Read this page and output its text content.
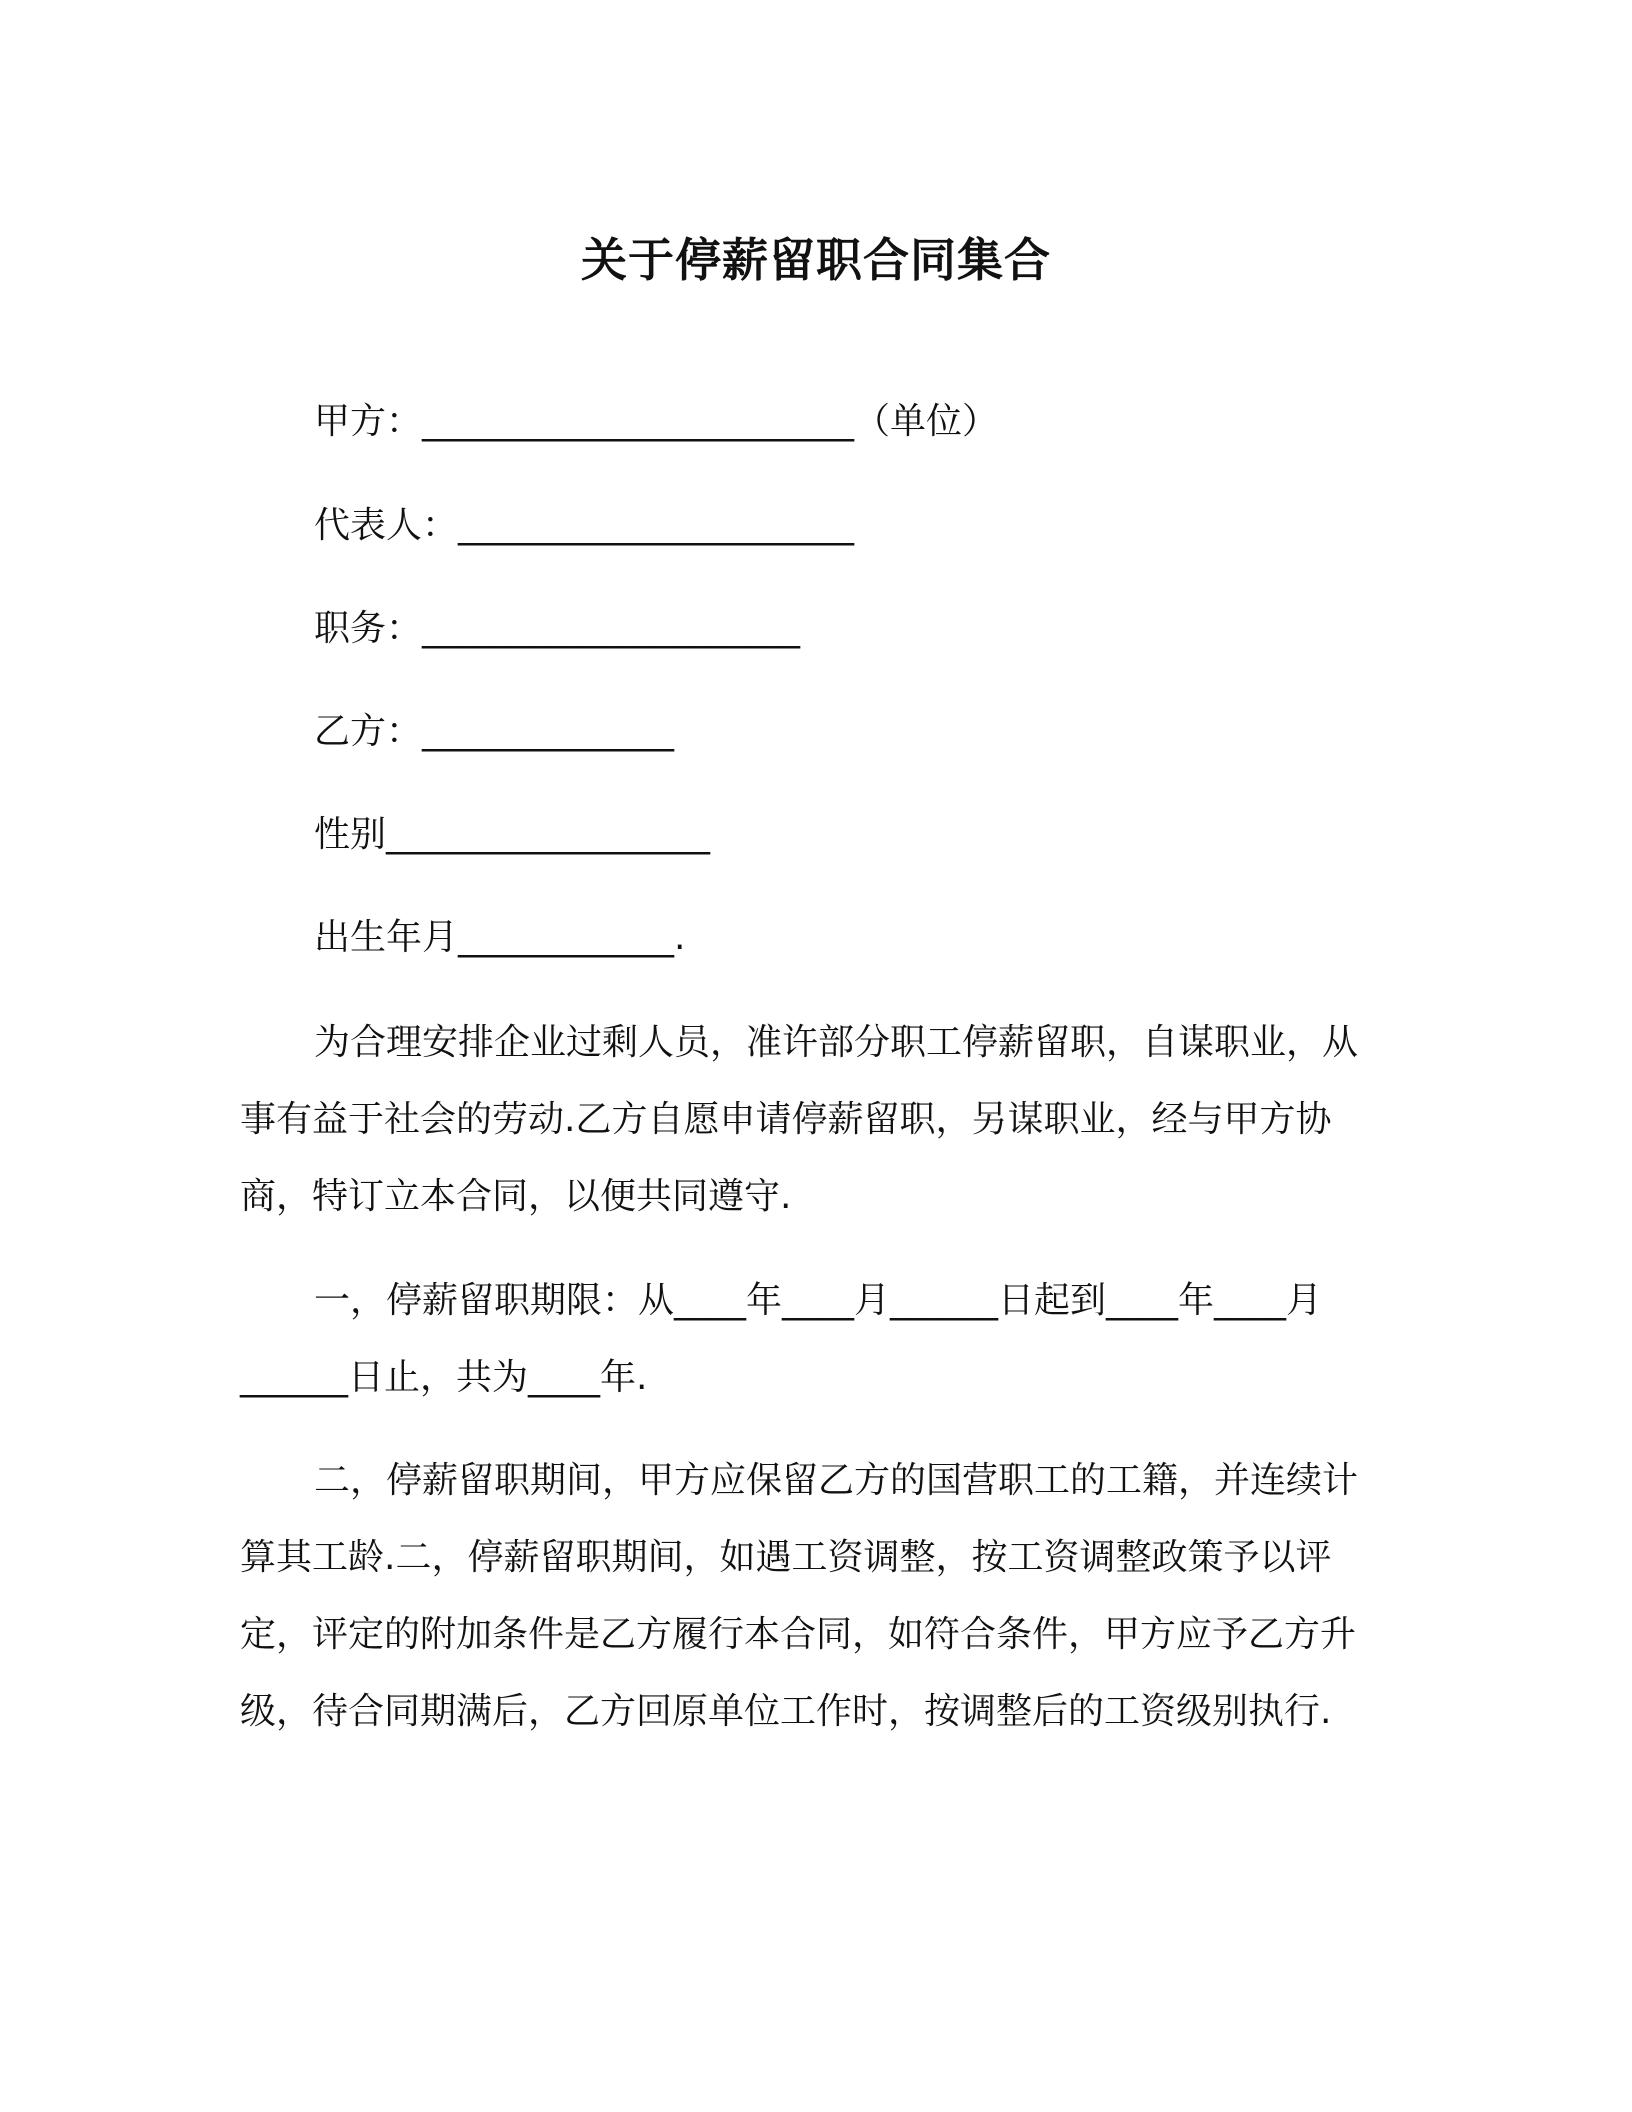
关于停薪留职合同集合
甲方：________________________（单位）
代表人：______________________
职务：_____________________
乙方：______________
性别__________________
出生年月____________.

为合理安排企业过剩人员，准许部分职工停薪留职，自谋职业，从事有益于社会的劳动.乙方自愿申请停薪留职，另谋职业，经与甲方协商，特订立本合同，以便共同遵守.

一，停薪留职期限：从____年____月______日起到____年____月______日止，共为____年.

二，停薪留职期间，甲方应保留乙方的国营职工的工籍，并连续计算其工龄.二，停薪留职期间，如遇工资调整，按工资调整政策予以评定，评定的附加条件是乙方履行本合同，如符合条件，甲方应予乙方升级，待合同期满后，乙方回原单位工作时，按调整后的工资级别执行.
